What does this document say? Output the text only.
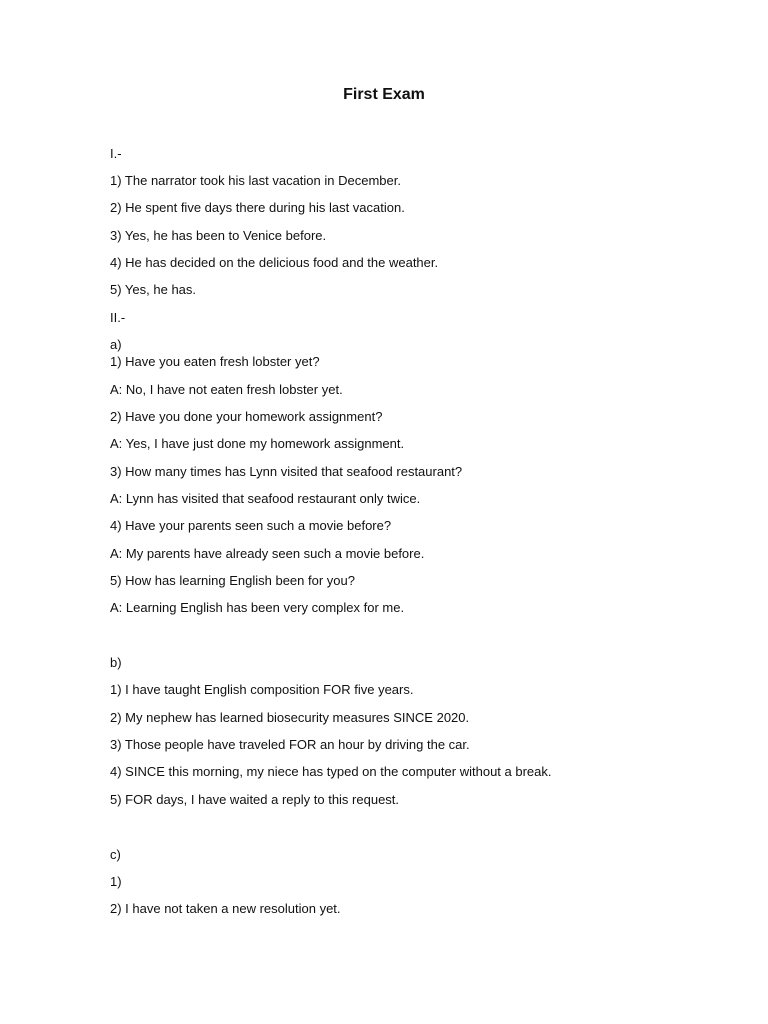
First Exam

I.-

1) The narrator took his last vacation in December.

2) He spent five days there during his last vacation.

3) Yes, he has been to Venice before.

4) He has decided on the delicious food and the weather.

5) Yes, he has.

II.-

a)

1) Have you eaten fresh lobster yet?

A: No, I have not eaten fresh lobster yet.

2) Have you done your homework assignment?

A: Yes, I have just done my homework assignment.

3) How many times has Lynn visited that seafood restaurant?

A: Lynn has visited that seafood restaurant only twice.

4) Have your parents seen such a movie before?

A: My parents have already seen such a movie before.

5) How has learning English been for you?

A: Learning English has been very complex for me.

b)

1) I have taught English composition FOR five years.

2) My nephew has learned biosecurity measures SINCE 2020.

3) Those people have traveled FOR an hour by driving the car.

4) SINCE this morning, my niece has typed on the computer without a break.

5) FOR days, I have waited a reply to this request.

c)

1)

2) I have not taken a new resolution yet.
